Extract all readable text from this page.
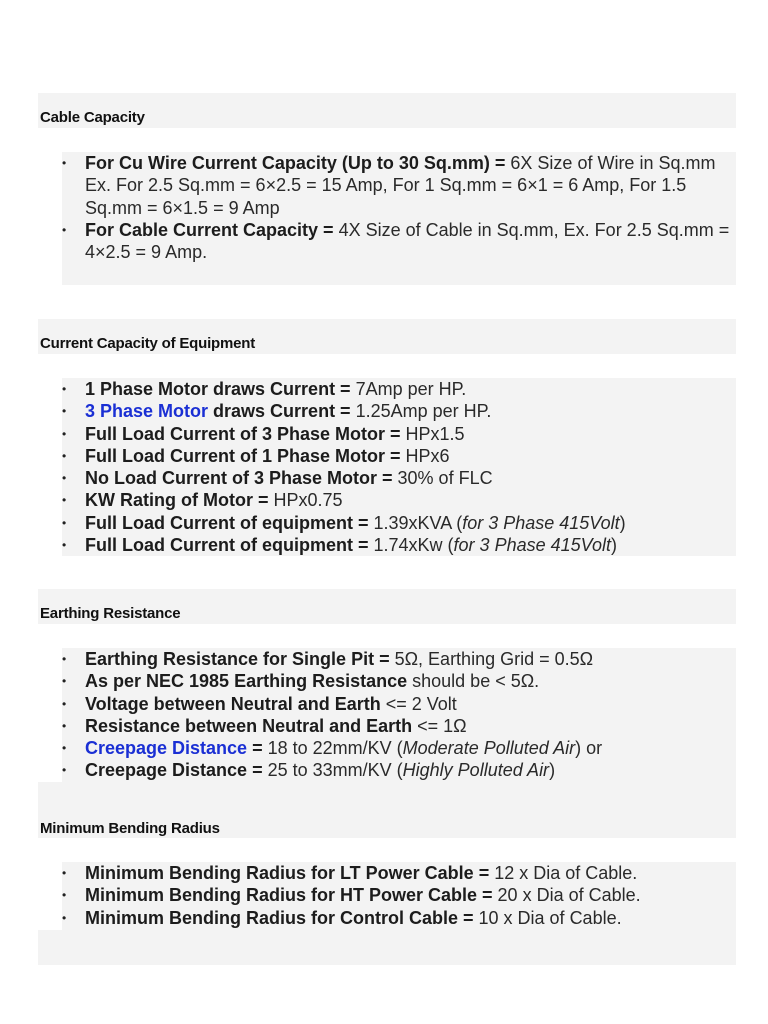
Cable Capacity
• For Cu Wire Current Capacity (Up to 30 Sq.mm) = 6X Size of Wire in Sq.mm
Ex. For 2.5 Sq.mm = 6×2.5 = 15 Amp, For 1 Sq.mm = 6×1 = 6 Amp, For 1.5 Sq.mm = 6×1.5 = 9 Amp
• For Cable Current Capacity = 4X Size of Cable in Sq.mm, Ex. For 2.5 Sq.mm = 4×2.5 = 9 Amp.
Current Capacity of Equipment
• 1 Phase Motor draws Current = 7Amp per HP.
• 3 Phase Motor draws Current = 1.25Amp per HP.
• Full Load Current of 3 Phase Motor = HPx1.5
• Full Load Current of 1 Phase Motor = HPx6
• No Load Current of 3 Phase Motor = 30% of FLC
• KW Rating of Motor = HPx0.75
• Full Load Current of equipment = 1.39xKVA (for 3 Phase 415Volt)
• Full Load Current of equipment = 1.74xKw (for 3 Phase 415Volt)
Earthing Resistance
• Earthing Resistance for Single Pit = 5Ω, Earthing Grid = 0.5Ω
• As per NEC 1985 Earthing Resistance should be < 5Ω.
• Voltage between Neutral and Earth <= 2 Volt
• Resistance between Neutral and Earth <= 1Ω
• Creepage Distance = 18 to 22mm/KV (Moderate Polluted Air) or
• Creepage Distance = 25 to 33mm/KV (Highly Polluted Air)
Minimum Bending Radius
• Minimum Bending Radius for LT Power Cable = 12 x Dia of Cable.
• Minimum Bending Radius for HT Power Cable = 20 x Dia of Cable.
• Minimum Bending Radius for Control Cable = 10 x Dia of Cable.
